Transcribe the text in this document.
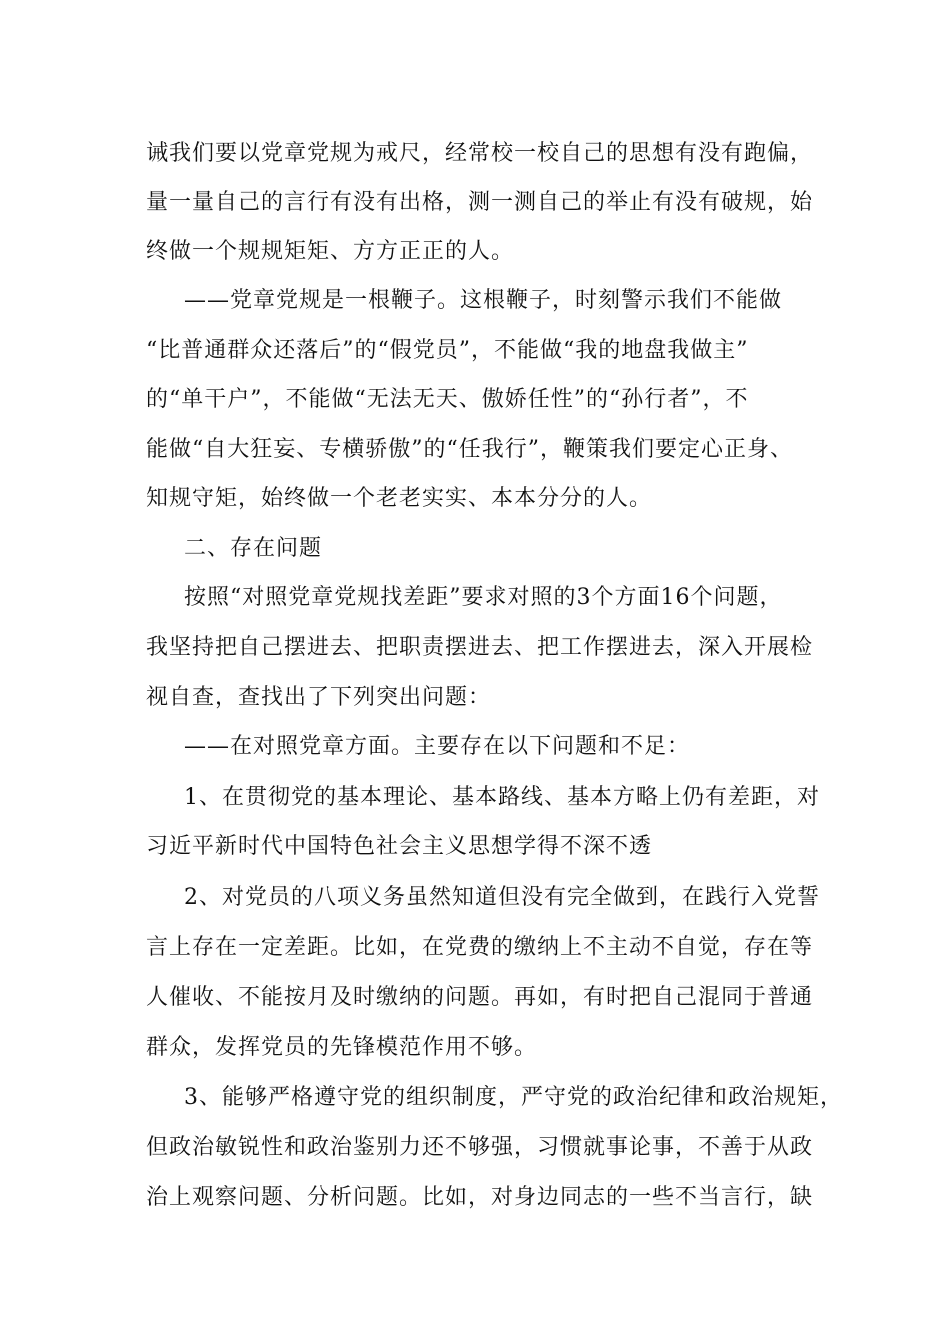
诫我们要以党章党规为戒尺，经常校一校自己的思想有没有跑偏，
量一量自己的言行有没有出格，测一测自己的举止有没有破规，始
终做一个规规矩矩、方方正正的人。
——党章党规是一根鞭子。这根鞭子，时刻警示我们不能做
“比普通群众还落后”的“假党员”，不能做“我的地盘我做主”
的“单干户”，不能做“无法无天、傲娇任性”的“孙行者”，不
能做“自大狂妄、专横骄傲”的“任我行”，鞭策我们要定心正身、
知规守矩，始终做一个老老实实、本本分分的人。
二、存在问题
按照“对照党章党规找差距”要求对照的3个方面16个问题，
我坚持把自己摆进去、把职责摆进去、把工作摆进去，深入开展检
视自查，查找出了下列突出问题：
——在对照党章方面。主要存在以下问题和不足：
1、在贯彻党的基本理论、基本路线、基本方略上仍有差距，对
习近平新时代中国特色社会主义思想学得不深不透
2、对党员的八项义务虽然知道但没有完全做到，在践行入党誓
言上存在一定差距。比如，在党费的缴纳上不主动不自觉，存在等
人催收、不能按月及时缴纳的问题。再如，有时把自己混同于普通
群众，发挥党员的先锋模范作用不够。
3、能够严格遵守党的组织制度，严守党的政治纪律和政治规矩，
但政治敏锐性和政治鉴别力还不够强，习惯就事论事，不善于从政
治上观察问题、分析问题。比如，对身边同志的一些不当言行，缺
